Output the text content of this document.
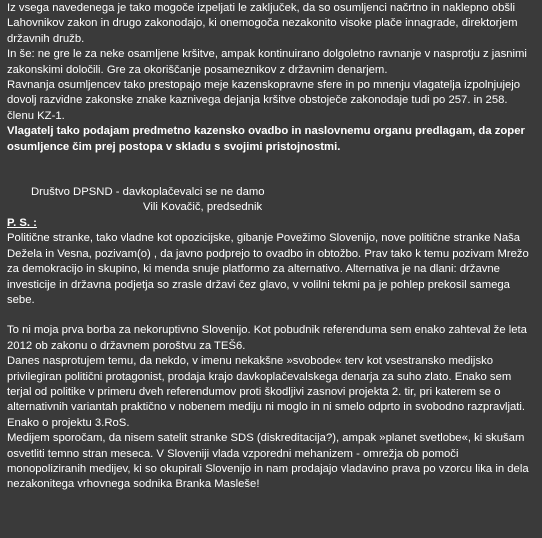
Iz vsega navedenega je tako mogoče izpeljati le zaključek, da so osumljenci načrtno in naklepno obšli Lahovnikov zakon in drugo zakonodajo, ki onemogoča nezakonito visoke plače innagrade, direktorjem državnih družb.

In še: ne gre le za neke osamljene kršitve, ampak kontinuirano dolgoletno ravnanje v nasprotju z jasnimi zakonskimi določili. Gre za okoriščanje posameznikov z državnim denarjem.

Ravnanja osumljencev tako prestopajo meje kazenskopravne sfere in po mnenju vlagatelja izpolnjujejo dovolj razvidne zakonske znake kaznivega dejanja kršitve obstoječe zakonodaje tudi po 257. in 258. členu KZ-1.

Vlagatelj tako podajam predmetno kazensko ovadbo in naslovnemu organu predlagam, da zoper osumljence čim prej postopa v skladu s svojimi pristojnostmi.

Društvo DPSND - davkoplačevalci se ne damo

Vili Kovačič, predsednik

P. S. :

Politične stranke, tako vladne kot opozicijske, gibanje Povežimo Slovenijo, nove politične stranke Naša Dežela in Vesna, pozivam(o) , da javno podprejo to ovadbo in obtožbo. Prav tako k temu pozivam Mrežo za demokracijo in skupino, ki menda snuje platformo za alternativo. Alternativa je na dlani: državne investicije in državna podjetja so zrasle državi čez glavo, v volilni tekmi pa je pohlep prekosil samega sebe.

To ni moja prva borba za nekoruptivno Slovenijo. Kot pobudnik referenduma sem enako zahteval že leta 2012 ob zakonu o državnem poroštvu za TEŠ6.

Danes nasprotujem temu, da nekdo, v imenu nekakšne »svobode« terv kot vsestransko medijsko privilegiran politični protagonist, prodaja krajo davkoplačevalskega denarja za suho zlato. Enako sem terjal od politike v primeru dveh referendumov proti škodljivi zasnovi projekta 2. tir, pri katerem se o alternativnih variantah praktično v nobenem mediju ni moglo in ni smelo odprto in svobodno razpravljati. Enako o projektu 3.RoS.

Medijem sporočam, da nisem satelit stranke SDS (diskreditacija?), ampak »planet svetlobe«, ki skušam osvetliti temno stran meseca. V Sloveniji vlada vzporedni mehanizem - omrežja ob pomoči monopoliziranih medijev, ki so okupirali Slovenijo in nam prodajajo vladavino prava po vzorcu lika in dela nezakonitega vrhovnega sodnika Branka Masleše!
